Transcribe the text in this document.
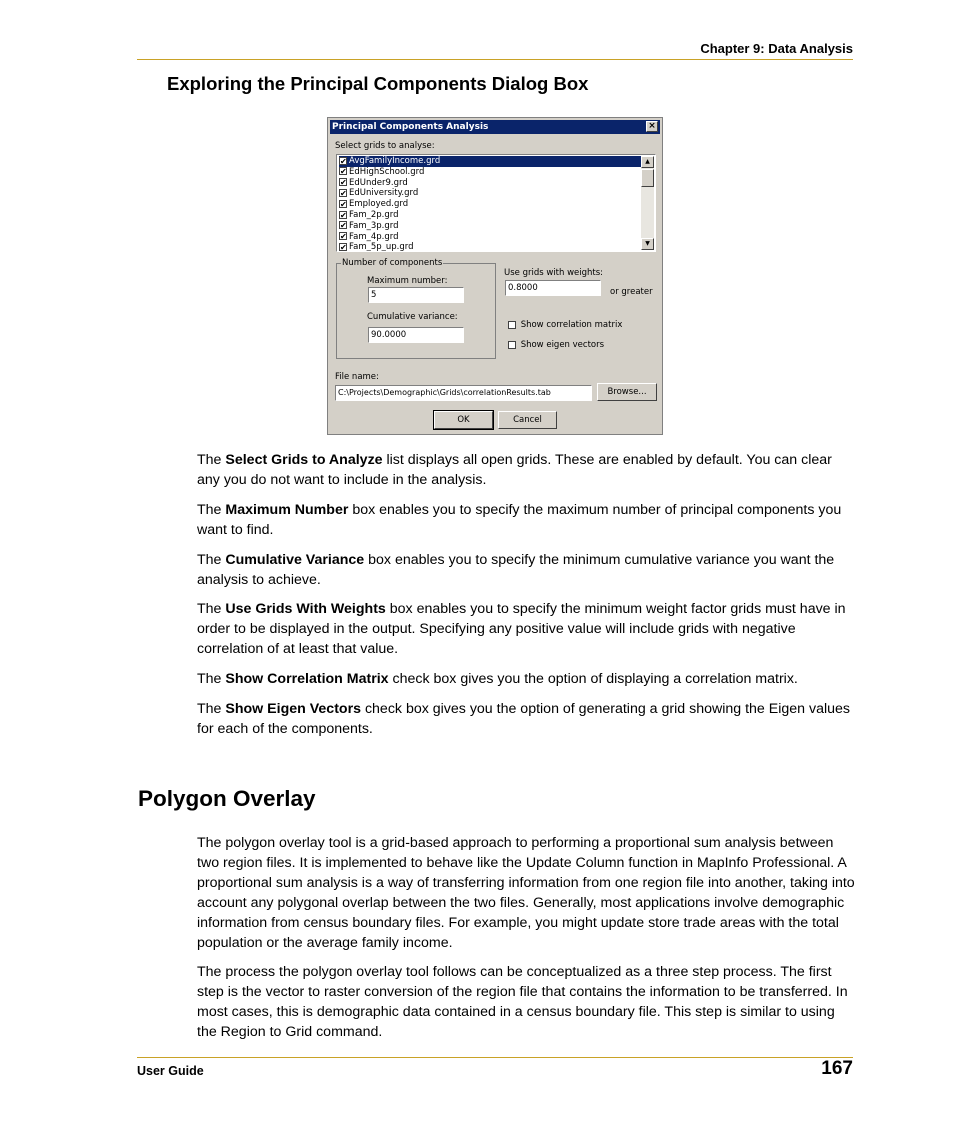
Chapter 9: Data Analysis
Exploring the Principal Components Dialog Box
Principal Components Analysis	×
Select grids to analyse:
✔ AvgFamilyIncome.grd
✔ EdHighSchool.grd
✔ EdUnder9.grd
✔ EdUniversity.grd
✔ Employed.grd
✔ Fam_2p.grd
✔ Fam_3p.grd
✔ Fam_4p.grd
✔ Fam_5p_up.grd
▲
▼
Number of components
Maximum number:
5
Cumulative variance:
90.0000
Use grids with weights:
0.8000	or greater
Show correlation matrix
Show eigen vectors
File name:
C:\Projects\Demographic\Grids\correlationResults.tab	Browse...
OK	Cancel

The Select Grids to Analyze list displays all open grids. These are enabled by default. You can clear any you do not want to include in the analysis.

The Maximum Number box enables you to specify the maximum number of principal components you want to find.

The Cumulative Variance box enables you to specify the minimum cumulative variance you want the analysis to achieve.

The Use Grids With Weights box enables you to specify the minimum weight factor grids must have in order to be displayed in the output. Specifying any positive value will include grids with negative correlation of at least that value.

The Show Correlation Matrix check box gives you the option of displaying a correlation matrix.

The Show Eigen Vectors check box gives you the option of generating a grid showing the Eigen values for each of the components.

Polygon Overlay

The polygon overlay tool is a grid-based approach to performing a proportional sum analysis between two region files. It is implemented to behave like the Update Column function in MapInfo Professional. A proportional sum analysis is a way of transferring information from one region file into another, taking into account any polygonal overlap between the two files. Generally, most applications involve demographic information from census boundary files. For example, you might update store trade areas with the total population or the average family income.

The process the polygon overlay tool follows can be conceptualized as a three step process. The first step is the vector to raster conversion of the region file that contains the information to be transferred. In most cases, this is demographic data contained in a census boundary file. This step is similar to using the Region to Grid command.

User Guide	167
